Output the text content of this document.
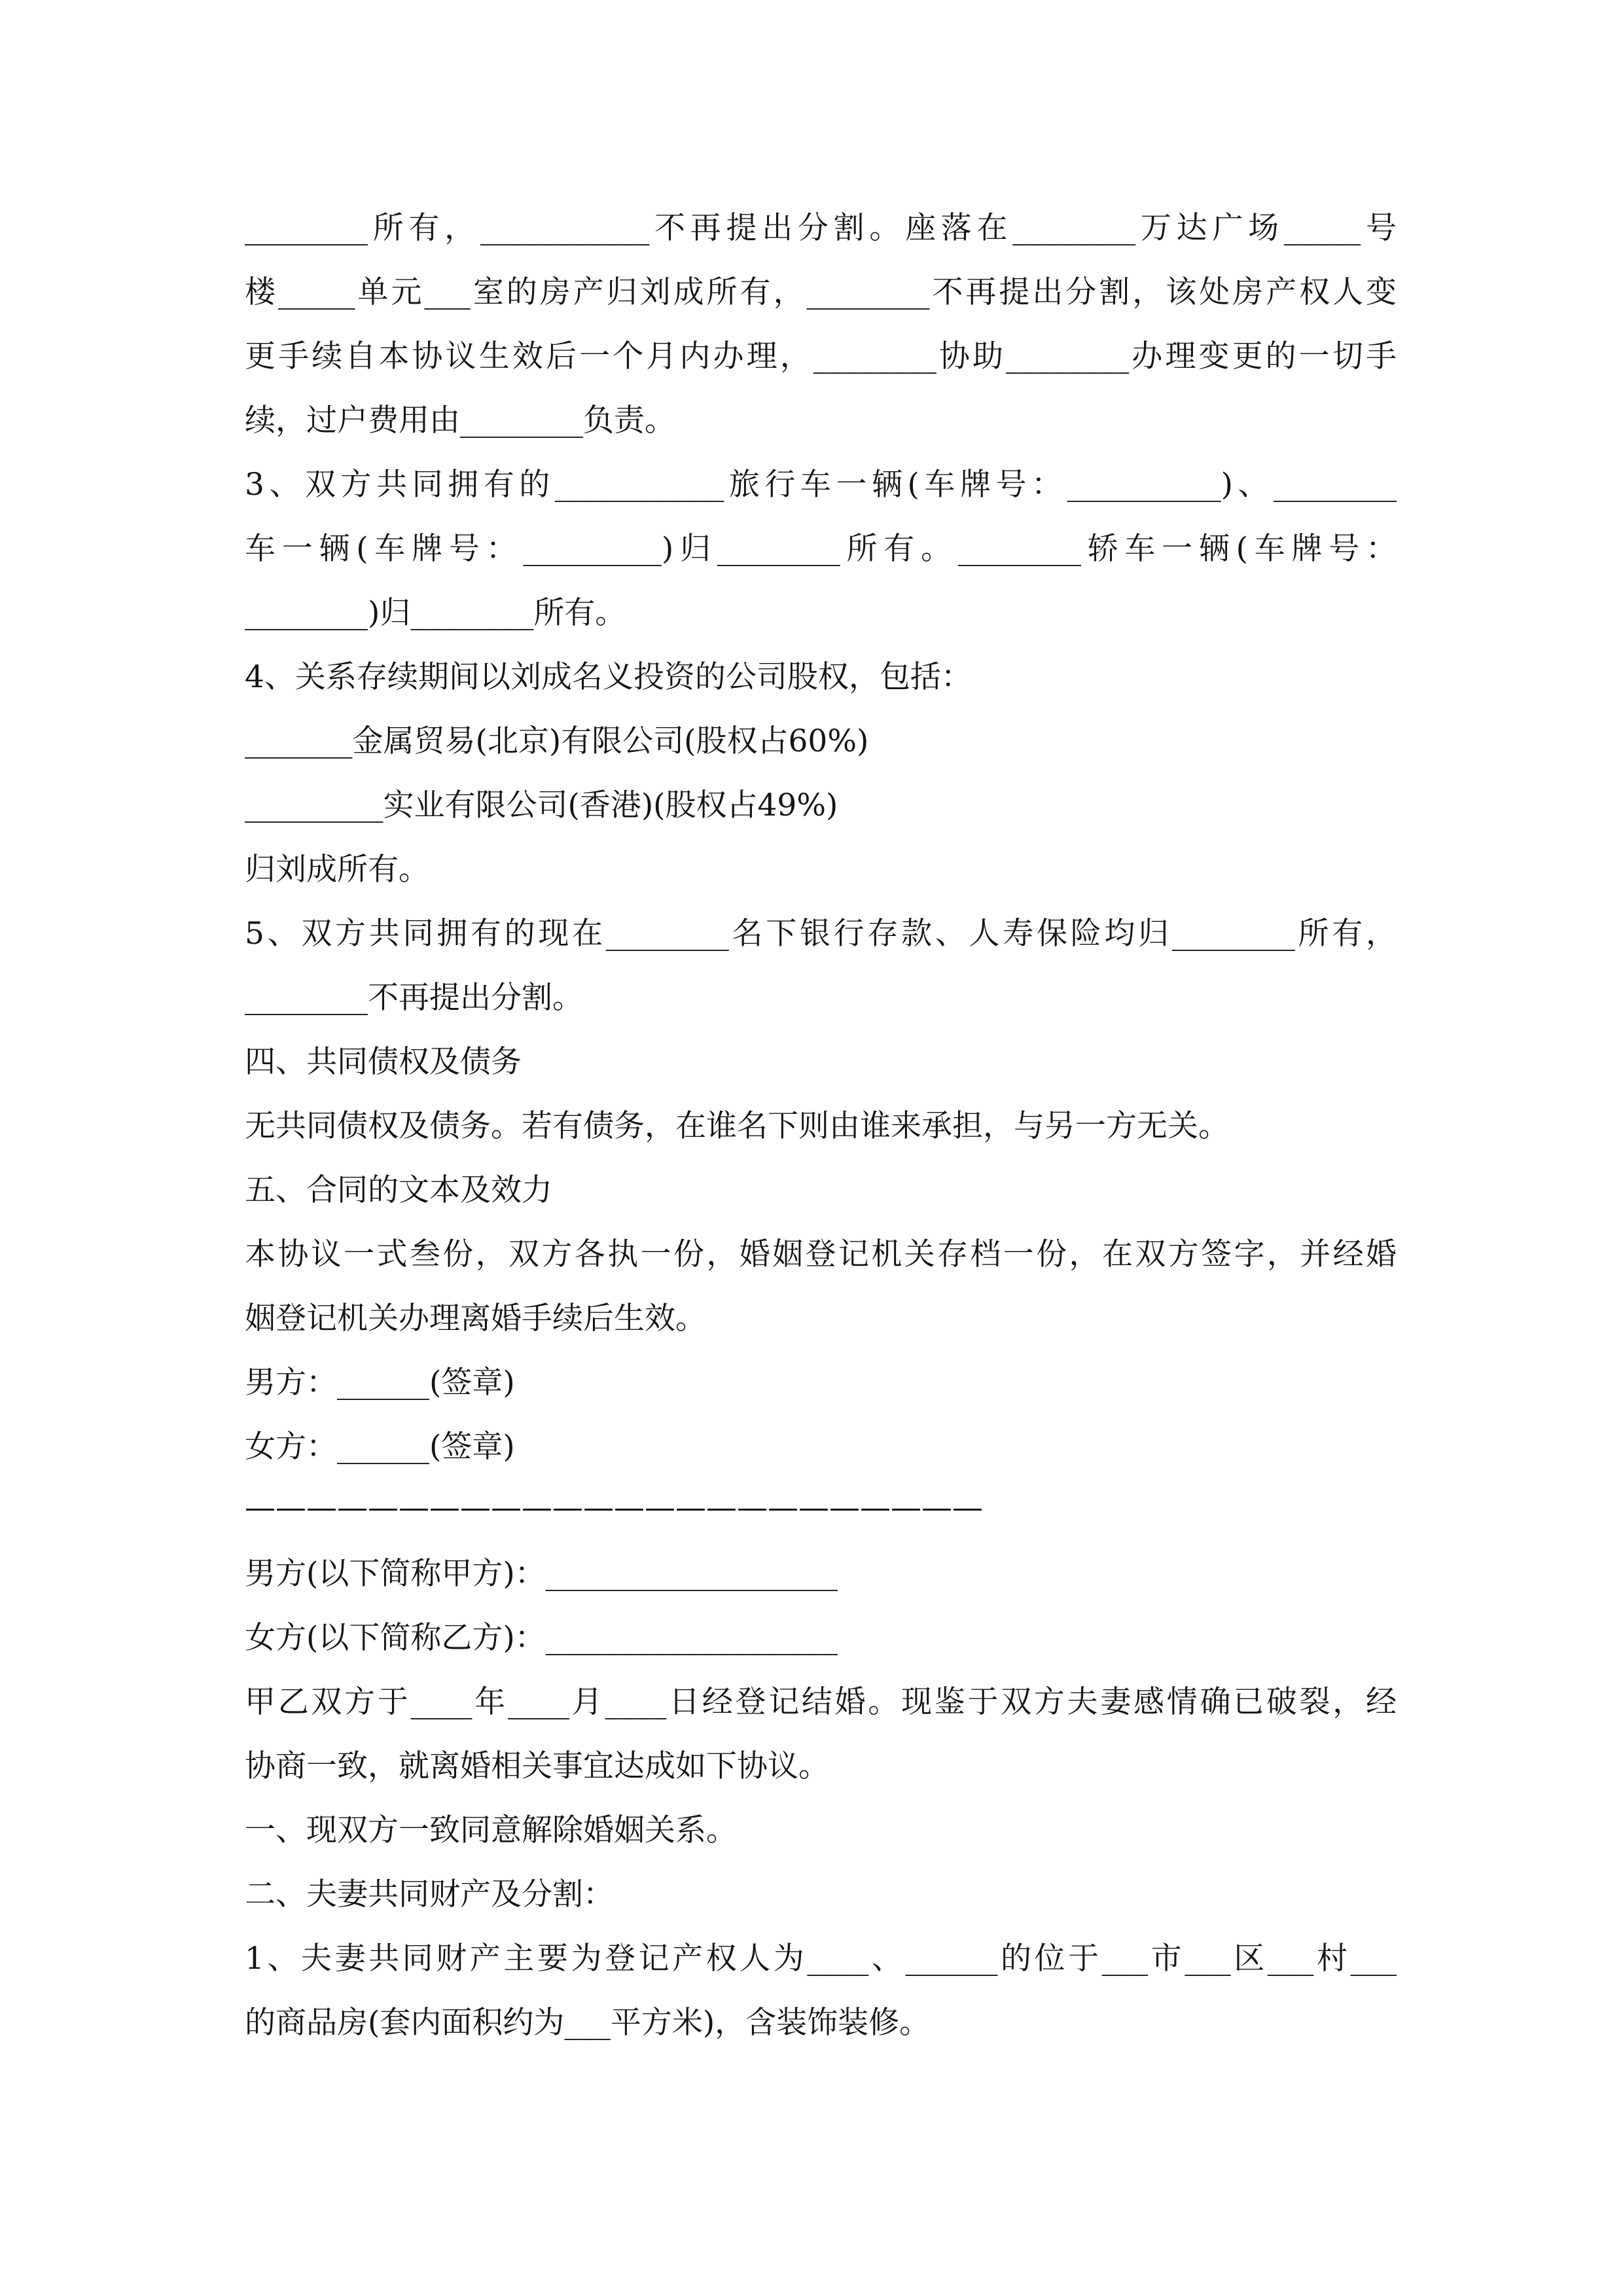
________所有，___________不再提出分割。座落在________万达广场_____号
楼_____单元___室的房产归刘成所有，________不再提出分割，该处房产权人变
更手续自本协议生效后一个月内办理，________协助________办理变更的一切手
续，过户费用由________负责。
3、双方共同拥有的___________旅行车一辆(车牌号：__________)、________
车一辆(车牌号：_________)归________所有。________轿车一辆(车牌号：
________)归________所有。
4、关系存续期间以刘成名义投资的公司股权，包括：
_______金属贸易(北京)有限公司(股权占60%)
_________实业有限公司(香港)(股权占49%)
归刘成所有。
5、双方共同拥有的现在________名下银行存款、人寿保险均归________所有，
________不再提出分割。
四、共同债权及债务
无共同债权及债务。若有债务，在谁名下则由谁来承担，与另一方无关。
五、合同的文本及效力
本协议一式叁份，双方各执一份，婚姻登记机关存档一份，在双方签字，并经婚
姻登记机关办理离婚手续后生效。
男方：______(签章)
女方：______(签章)
————————————————————————
男方(以下简称甲方)：___________________
女方(以下简称乙方)：___________________
甲乙双方于____年____月____日经登记结婚。现鉴于双方夫妻感情确已破裂，经
协商一致，就离婚相关事宜达成如下协议。
一、现双方一致同意解除婚姻关系。
二、夫妻共同财产及分割：
1、夫妻共同财产主要为登记产权人为____、______的位于___市___区___村___
的商品房(套内面积约为___平方米)，含装饰装修。
